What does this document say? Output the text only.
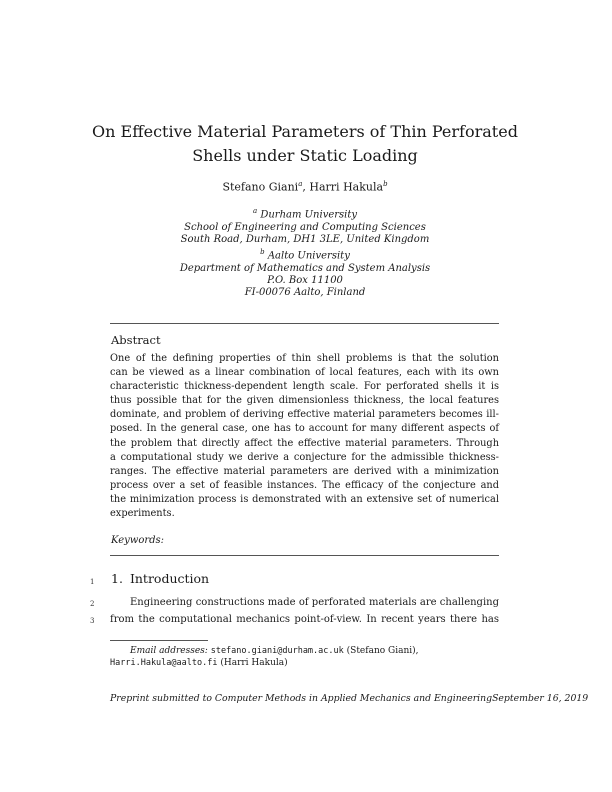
On Effective Material Parameters of Thin Perforated
Shells under Static Loading
Stefano Giani$^a$, Harri Hakula$^b$
$^a$ Durham University
School of Engineering and Computing Sciences
South Road, Durham, DH1 3LE, United Kingdom
$^b$ Aalto University
Department of Mathematics and System Analysis
P.O. Box 11100
FI-00076 Aalto, Finland
Abstract
One of the defining properties of thin shell problems is that the solution
can be viewed as a linear combination of local features, each with its own
characteristic thickness-dependent length scale. For perforated shells it is
thus possible that for the given dimensionless thickness, the local features
dominate, and problem of deriving effective material parameters becomes ill-
posed. In the general case, one has to account for many different aspects of
the problem that directly affect the effective material parameters. Through
a computational study we derive a conjecture for the admissible thickness-
ranges. The effective material parameters are derived with a minimization
process over a set of feasible instances. The efficacy of the conjecture and
the minimization process is demonstrated with an extensive set of numerical
experiments.
Keywords:
1
2
3
1. Introduction
Engineering constructions made of perforated materials are challenging
from the computational mechanics point-of-view. In recent years there has
Email addresses: stefano.giani@durham.ac.uk (Stefano Giani),
Harri.Hakula@aalto.fi (Harri Hakula)
Preprint submitted to Computer Methods in Applied Mechanics and EngineeringSeptember 16, 2019
